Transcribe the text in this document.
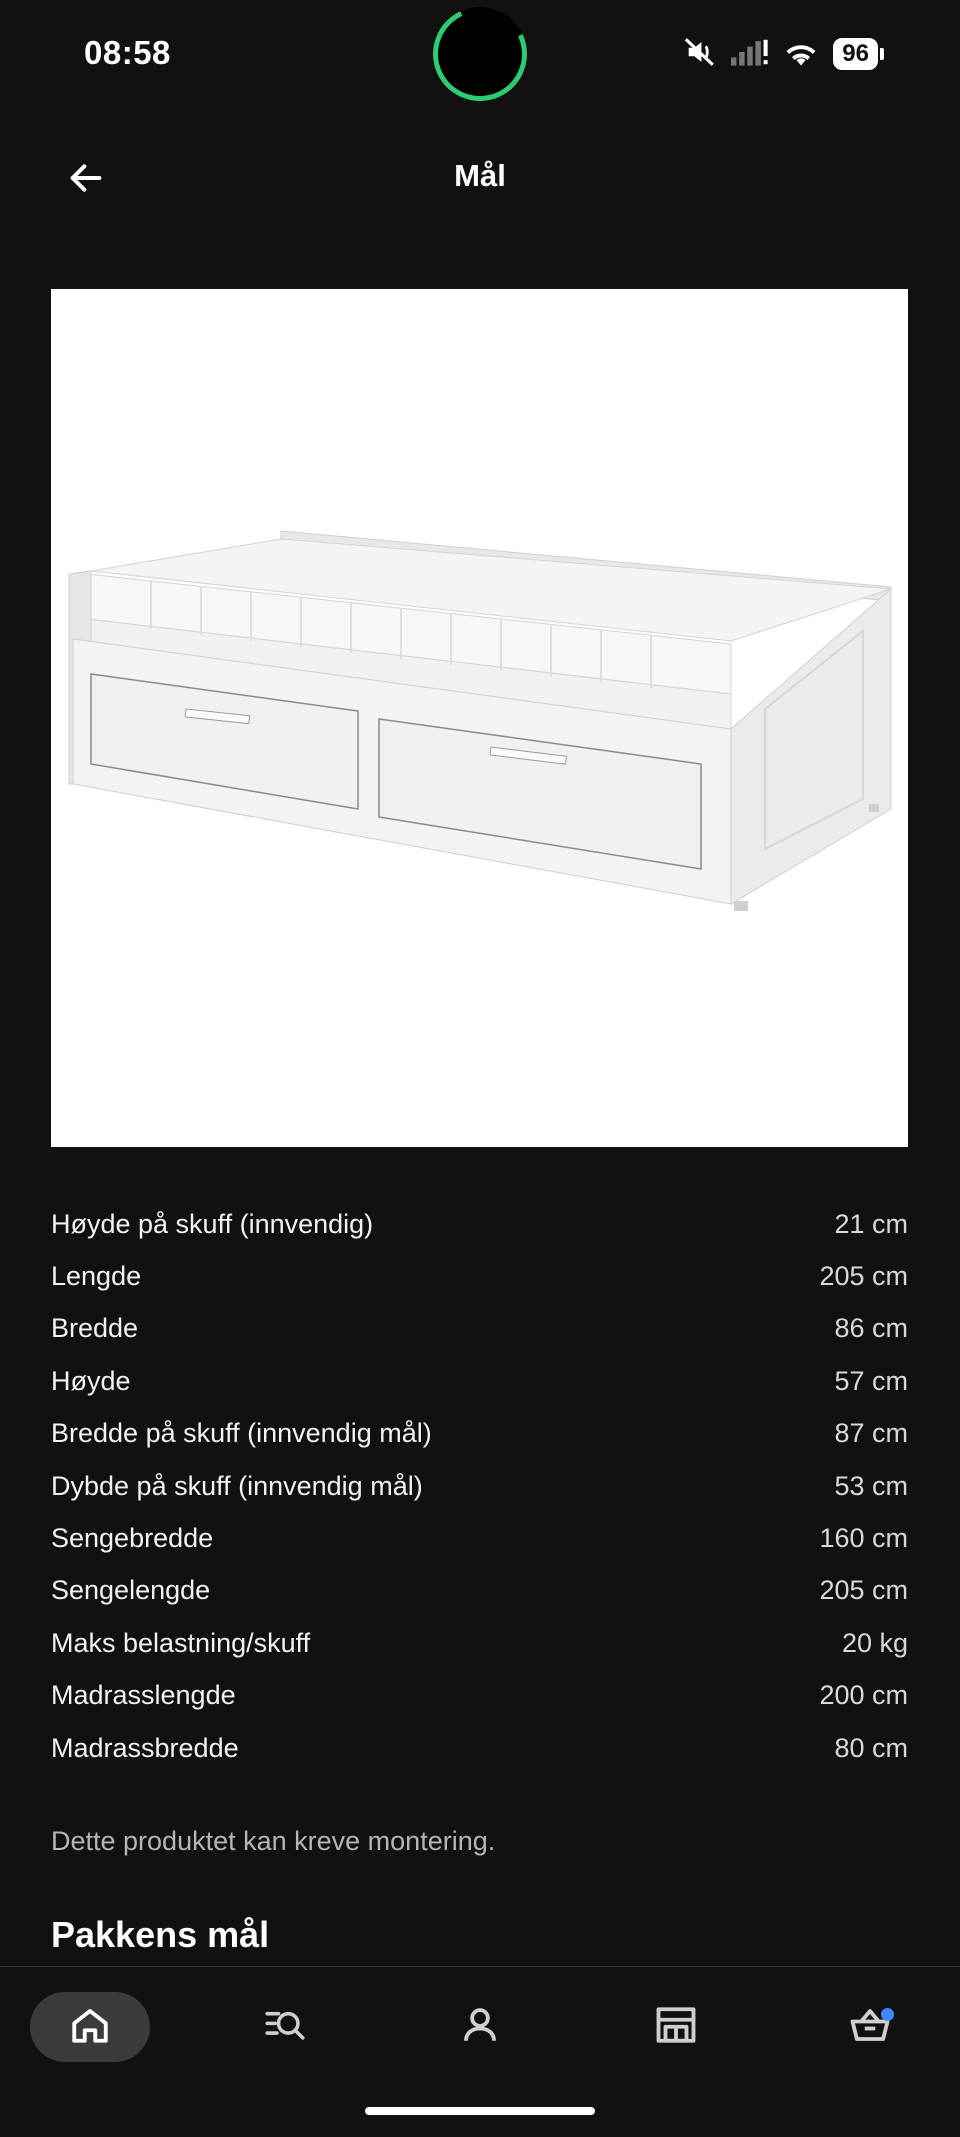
08:58	96
Mål
Høyde på skuff (innvendig)	21 cm
Lengde	205 cm
Bredde	86 cm
Høyde	57 cm
Bredde på skuff (innvendig mål)	87 cm
Dybde på skuff (innvendig mål)	53 cm
Sengebredde	160 cm
Sengelengde	205 cm
Maks belastning/skuff	20 kg
Madrasslengde	200 cm
Madrassbredde	80 cm
Dette produktet kan kreve montering.
Pakkens mål
